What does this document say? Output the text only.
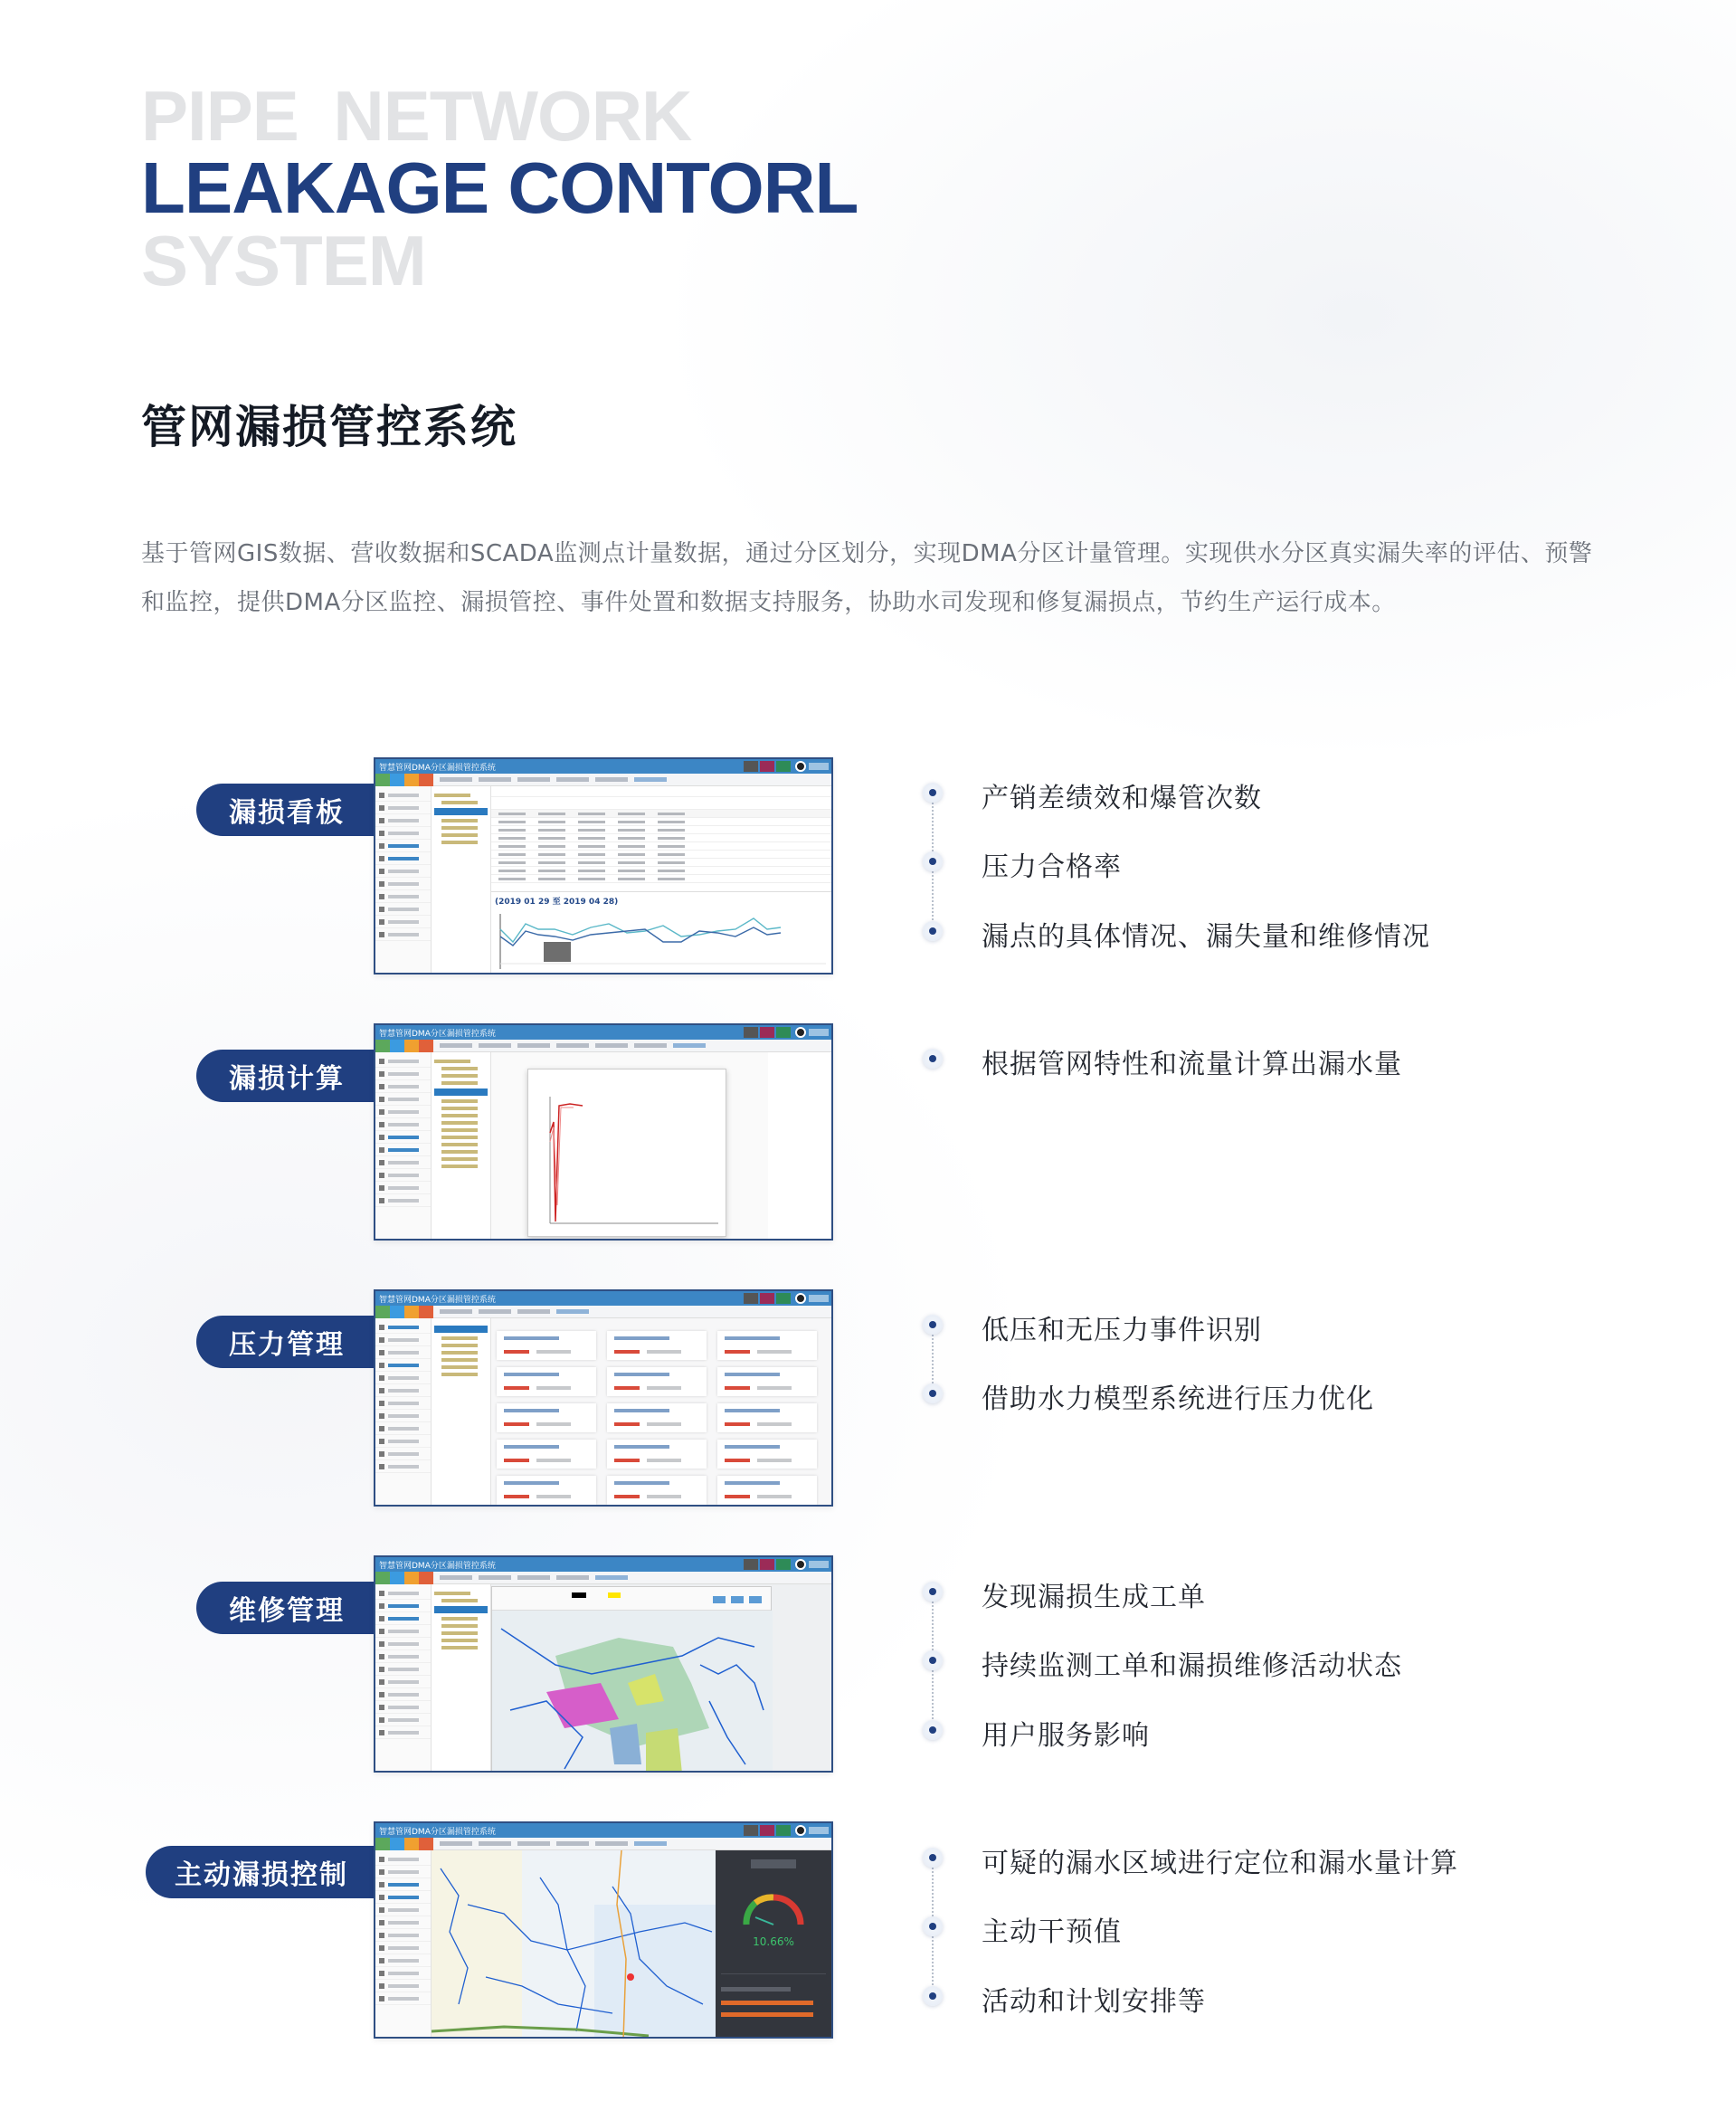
PIPE NETWORK
LEAKAGE CONTORL
SYSTEM
管网漏损管控系统

基于管网GIS数据、营收数据和SCADA监测点计量数据，通过分区划分，实现DMA分区计量管理。实现供水分区真实漏失率的评估、预警和监控，提供DMA分区监控、漏损管控、事件处置和数据支持服务，协助水司发现和修复漏损点，节约生产运行成本。

漏损看板
智慧管网DMA分区漏损管控系统
(2019 01 29 至 2019 04 28)
漏损计算
智慧管网DMA分区漏损管控系统
压力管理
智慧管网DMA分区漏损管控系统
维修管理
智慧管网DMA分区漏损管控系统
主动漏损控制
智慧管网DMA分区漏损管控系统
10.66%
产销差绩效和爆管次数
压力合格率
漏点的具体情况、漏失量和维修情况
根据管网特性和流量计算出漏水量
低压和无压力事件识别
借助水力模型系统进行压力优化
发现漏损生成工单
持续监测工单和漏损维修活动状态
用户服务影响
可疑的漏水区域进行定位和漏水量计算
主动干预值
活动和计划安排等
